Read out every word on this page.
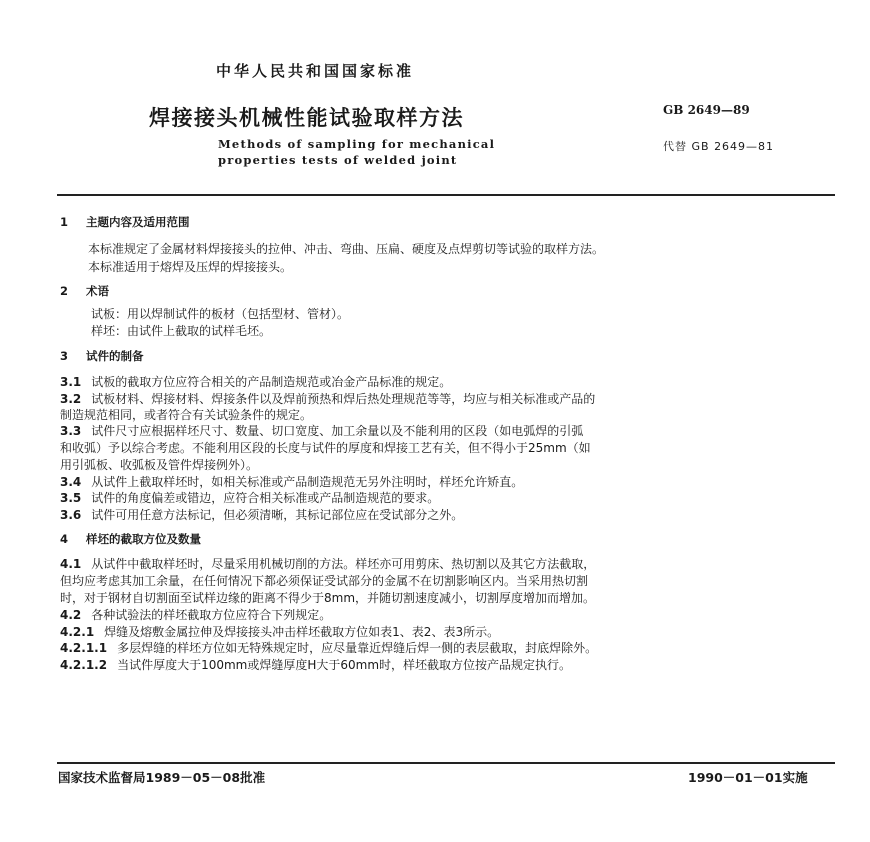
中华人民共和国国家标准
焊接接头机械性能试验取样方法	GB 2649—89
Methods of sampling for mechanical
properties tests of welded joint
代替 GB 2649—81
1 主题内容及适用范围
本标准规定了金属材料焊接接头的拉伸、冲击、弯曲、压扁、硬度及点焊剪切等试验的取样方法。
本标准适用于熔焊及压焊的焊接接头。
2 术语
试板：用以焊制试件的板材（包括型材、管材）。
样坯：由试件上截取的试样毛坯。
3 试件的制备
3.1 试板的截取方位应符合相关的产品制造规范或冶金产品标准的规定。
3.2 试板材料、焊接材料、焊接条件以及焊前预热和焊后热处理规范等等，均应与相关标准或产品的
制造规范相同，或者符合有关试验条件的规定。
3.3 试件尺寸应根据样坯尺寸、数量、切口宽度、加工余量以及不能利用的区段（如电弧焊的引弧
和收弧）予以综合考虑。不能利用区段的长度与试件的厚度和焊接工艺有关，但不得小于25mm（如
用引弧板、收弧板及管件焊接例外）。
3.4 从试件上截取样坯时，如相关标准或产品制造规范无另外注明时，样坯允许矫直。
3.5 试件的角度偏差或错边，应符合相关标准或产品制造规范的要求。
3.6 试件可用任意方法标记，但必须清晰，其标记部位应在受试部分之外。
4 样坯的截取方位及数量
4.1 从试件中截取样坯时，尽量采用机械切削的方法。样坯亦可用剪床、热切割以及其它方法截取，
但均应考虑其加工余量，在任何情况下都必须保证受试部分的金属不在切割影响区内。当采用热切割
时，对于钢材自切割面至试样边缘的距离不得少于8mm，并随切割速度减小，切割厚度增加而增加。
4.2 各种试验法的样坯截取方位应符合下列规定。
4.2.1 焊缝及熔敷金属拉伸及焊接接头冲击样坯截取方位如表1、表2、表3所示。
4.2.1.1 多层焊缝的样坯方位如无特殊规定时，应尽量靠近焊缝后焊一侧的表层截取，封底焊除外。
4.2.1.2 当试件厚度大于100mm或焊缝厚度H大于60mm时，样坯截取方位按产品规定执行。
国家技术监督局1989－05－08批准	1990－01－01实施
